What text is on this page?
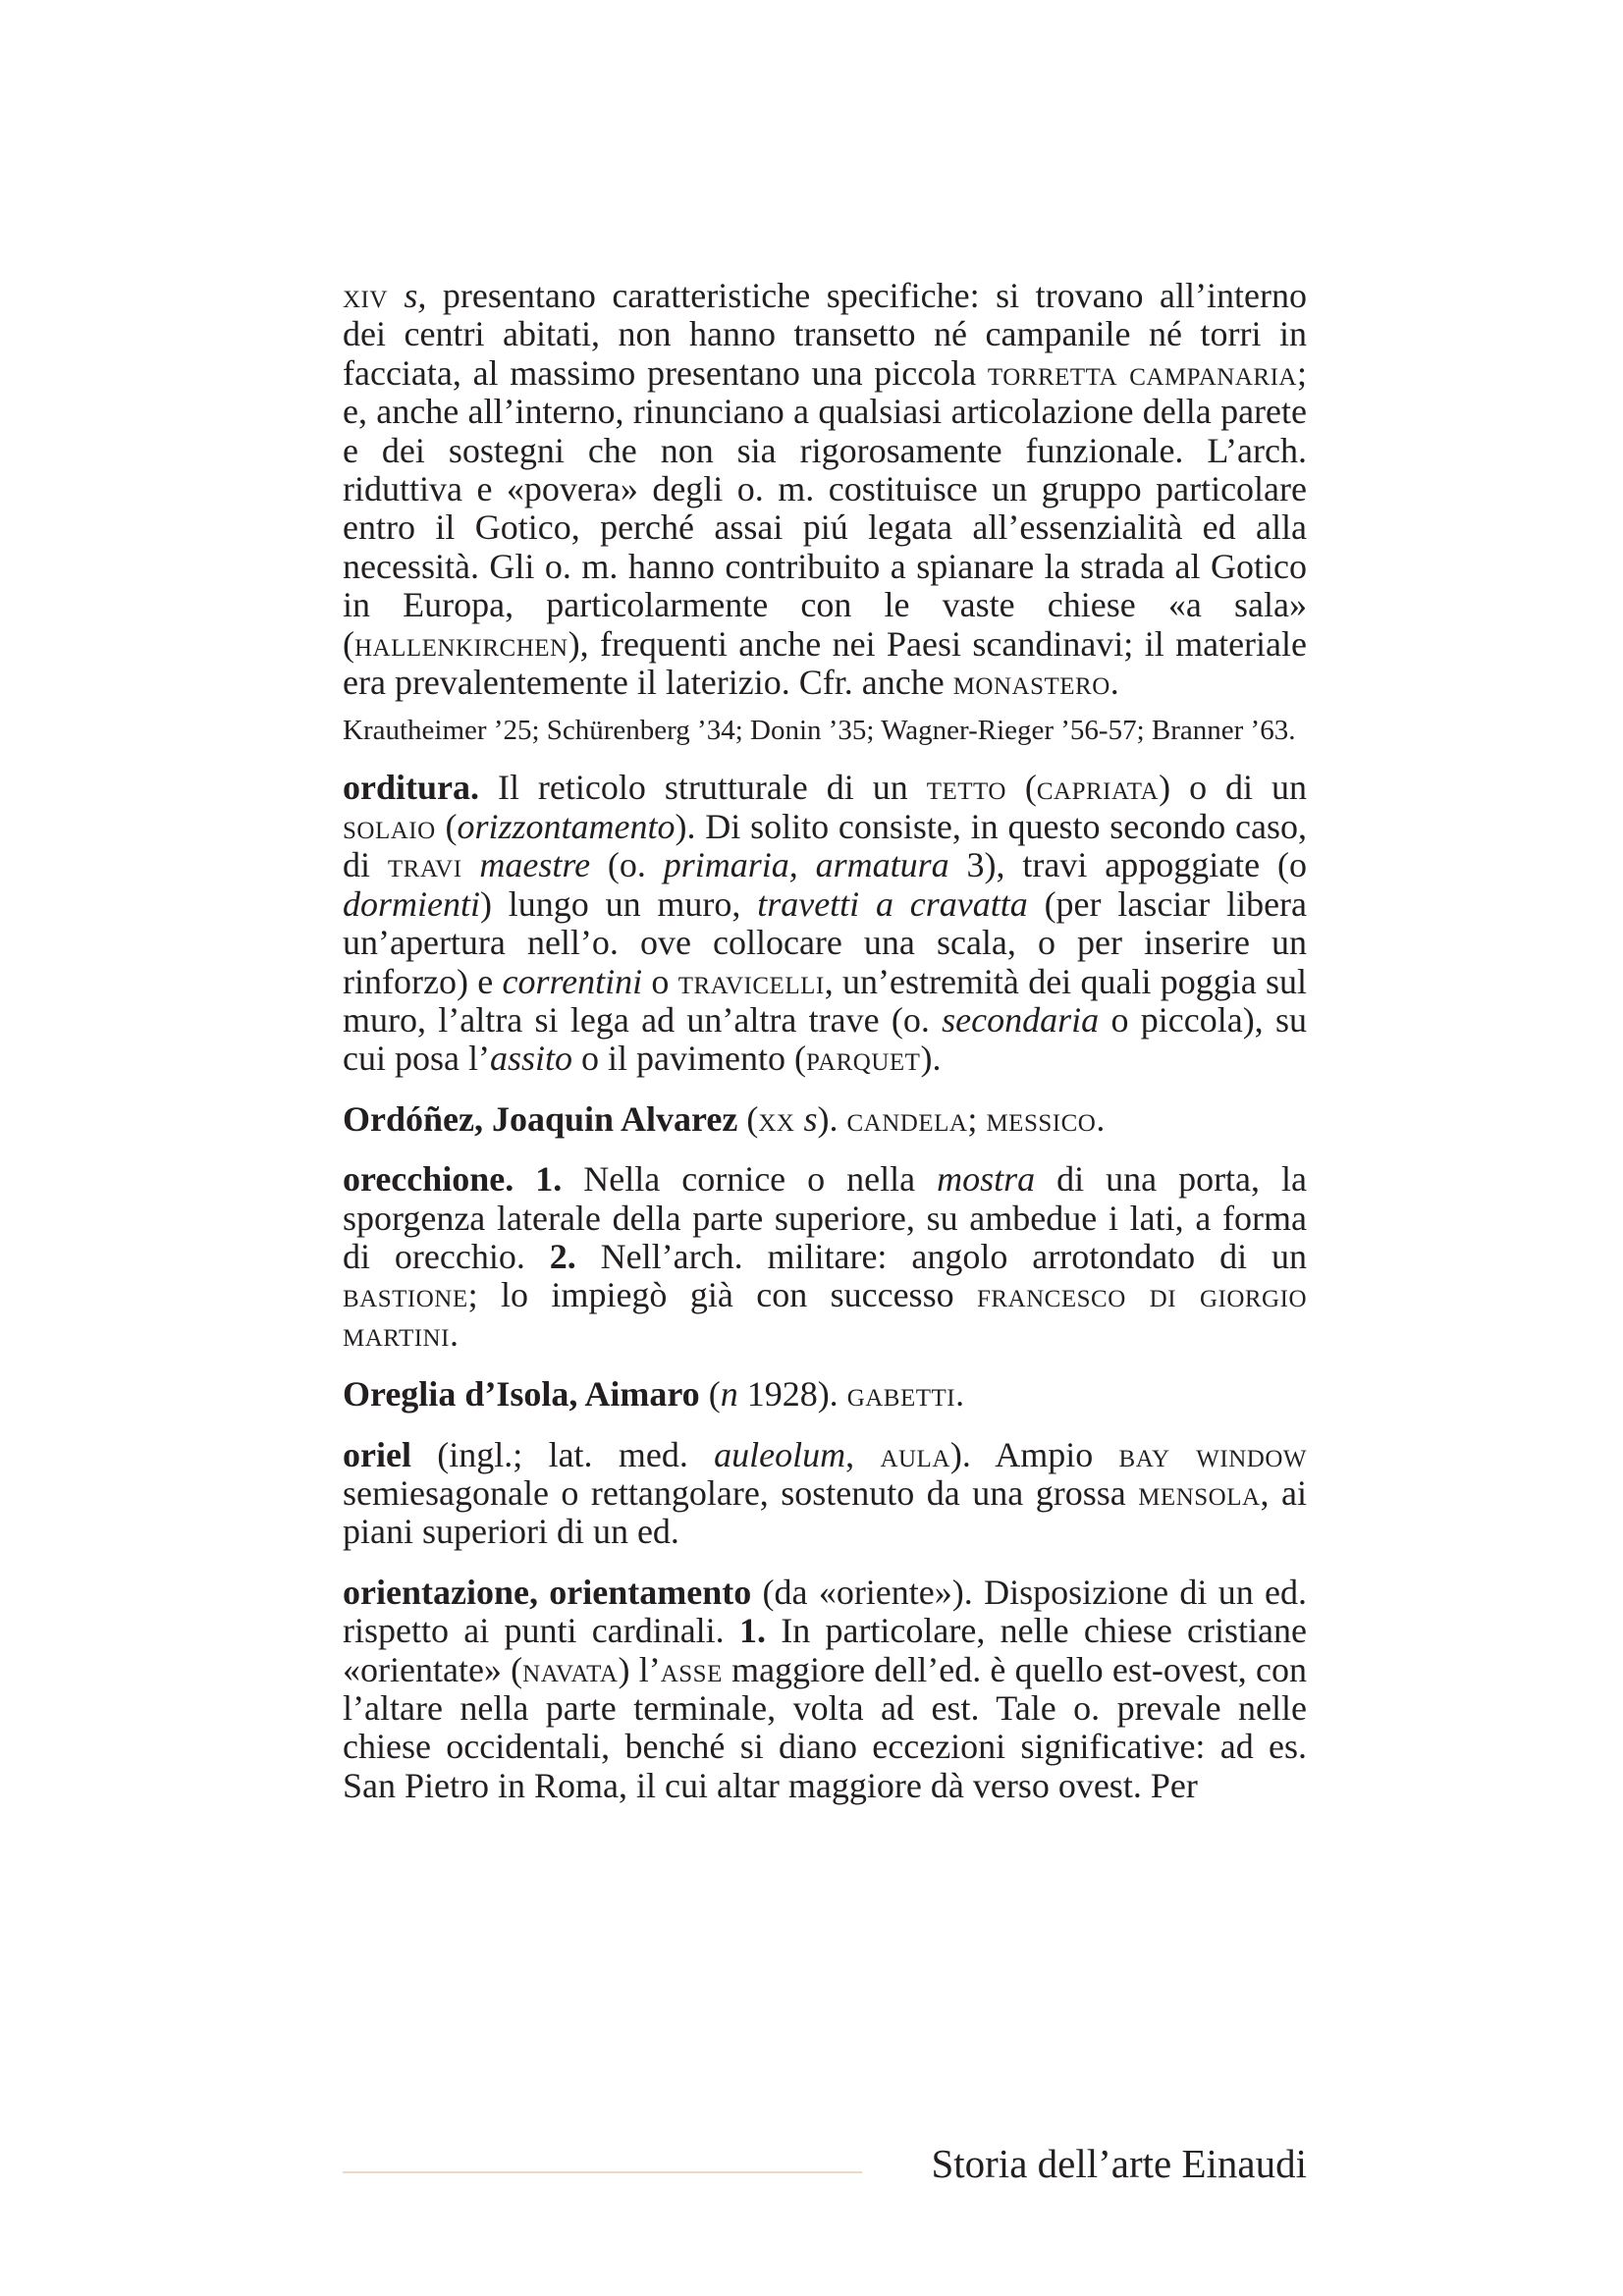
xiv s, presentano caratteristiche specifiche: si trovano all’interno dei centri abitati, non hanno transetto né campanile né torri in facciata, al massimo presentano una piccola torretta campanaria; e, anche all’interno, rinunciano a qualsiasi articolazione della parete e dei sostegni che non sia rigorosamente funzionale. L’arch. riduttiva e «povera» degli o. m. costituisce un gruppo particolare entro il Gotico, perché assai piú legata all’essenzialità ed alla necessità. Gli o. m. hanno contribuito a spianare la strada al Gotico in Europa, particolarmente con le vaste chiese «a sala» (hallenkirchen), frequenti anche nei Paesi scandinavi; il materiale era prevalentemente il laterizio. Cfr. anche monastero.

Krautheimer ’25; Schürenberg ’34; Donin ’35; Wagner-Rieger ’56-57; Branner ’63.

orditura. Il reticolo strutturale di un tetto (capriata) o di un solaio (orizzontamento). Di solito consiste, in questo secondo caso, di travi maestre (o. primaria, armatura 3), travi appoggiate (o dormienti) lungo un muro, travetti a cravatta (per lasciar libera un’apertura nell’o. ove collocare una scala, o per inserire un rinforzo) e correntini o travicelli, un’estremità dei quali poggia sul muro, l’altra si lega ad un’altra trave (o. secondaria o piccola), su cui posa l’assito o il pavimento (parquet).

Ordóñez, Joaquin Alvarez (xx s). candela; messico.

orecchione. 1. Nella cornice o nella mostra di una porta, la sporgenza laterale della parte superiore, su ambedue i lati, a forma di orecchio. 2. Nell’arch. militare: angolo arrotondato di un bastione; lo impiegò già con successo francesco di giorgio martini.

Oreglia d’Isola, Aimaro (n 1928). gabetti.

oriel (ingl.; lat. med. auleolum, aula). Ampio bay window semiesagonale o rettangolare, sostenuto da una grossa mensola, ai piani superiori di un ed.

orientazione, orientamento (da «oriente»). Disposizione di un ed. rispetto ai punti cardinali. 1. In particolare, nelle chiese cristiane «orientate» (navata) l’asse maggiore dell’ed. è quello est-ovest, con l’altare nella parte terminale, volta ad est. Tale o. prevale nelle chiese occidentali, benché si diano eccezioni significative: ad es. San Pietro in Roma, il cui altar maggiore dà verso ovest. Per

Storia dell’arte Einaudi
